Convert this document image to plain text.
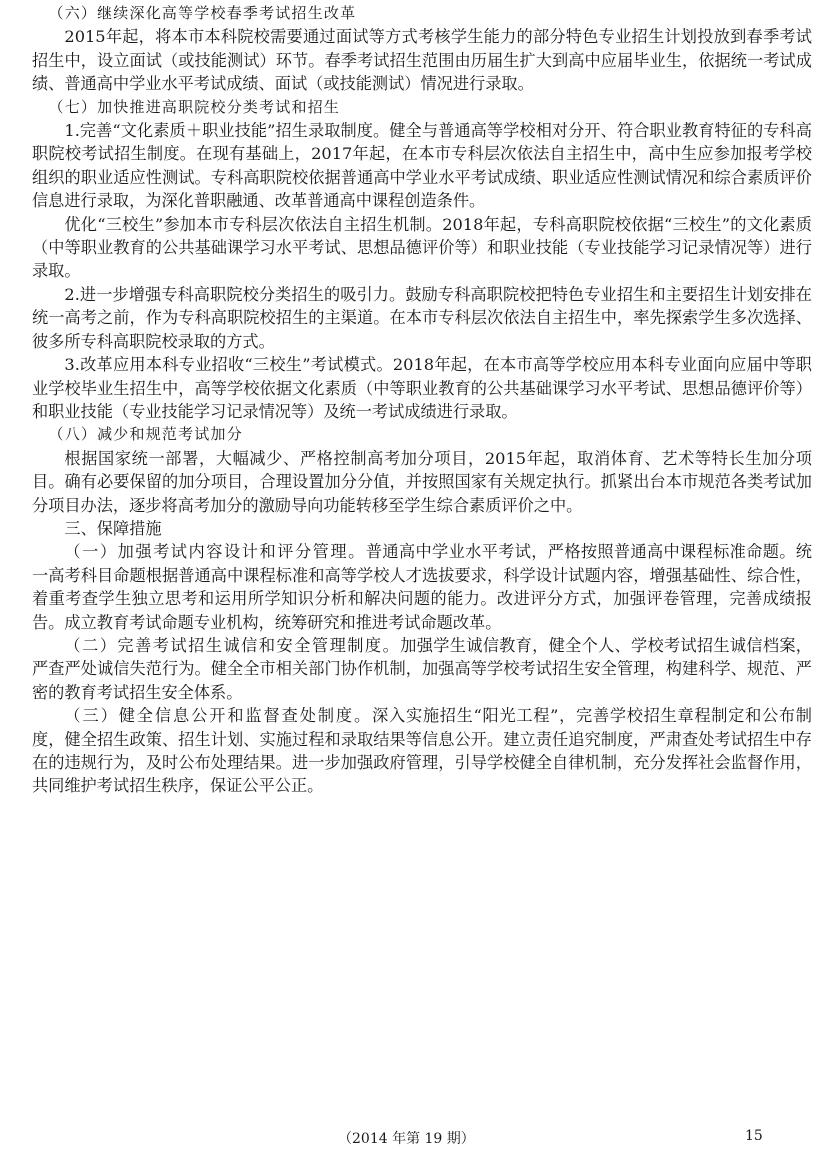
（六）继续深化高等学校春季考试招生改革

2015年起，将本市本科院校需要通过面试等方式考核学生能力的部分特色专业招生计划投放到春季考试招生中，设立面试（或技能测试）环节。春季考试招生范围由历届生扩大到高中应届毕业生，依据统一考试成绩、普通高中学业水平考试成绩、面试（或技能测试）情况进行录取。

（七）加快推进高职院校分类考试和招生

1.完善“文化素质＋职业技能”招生录取制度。健全与普通高等学校相对分开、符合职业教育特征的专科高职院校考试招生制度。在现有基础上，2017年起，在本市专科层次依法自主招生中，高中生应参加报考学校组织的职业适应性测试。专科高职院校依据普通高中学业水平考试成绩、职业适应性测试情况和综合素质评价信息进行录取，为深化普职融通、改革普通高中课程创造条件。

优化“三校生”参加本市专科层次依法自主招生机制。2018年起，专科高职院校依据“三校生”的文化素质（中等职业教育的公共基础课学习水平考试、思想品德评价等）和职业技能（专业技能学习记录情况等）进行录取。

2.进一步增强专科高职院校分类招生的吸引力。鼓励专科高职院校把特色专业招生和主要招生计划安排在统一高考之前，作为专科高职院校招生的主渠道。在本市专科层次依法自主招生中，率先探索学生多次选择、彼多所专科高职院校录取的方式。

3.改革应用本科专业招收“三校生”考试模式。2018年起，在本市高等学校应用本科专业面向应届中等职业学校毕业生招生中，高等学校依据文化素质（中等职业教育的公共基础课学习水平考试、思想品德评价等）和职业技能（专业技能学习记录情况等）及统一考试成绩进行录取。

（八）减少和规范考试加分

根据国家统一部署，大幅减少、严格控制高考加分项目，2015年起，取消体育、艺术等特长生加分项目。确有必要保留的加分项目，合理设置加分分值，并按照国家有关规定执行。抓紧出台本市规范各类考试加分项目办法，逐步将高考加分的激励导向功能转移至学生综合素质评价之中。

三、保障措施

（一）加强考试内容设计和评分管理。普通高中学业水平考试，严格按照普通高中课程标准命题。统一高考科目命题根据普通高中课程标准和高等学校人才选拔要求，科学设计试题内容，增强基础性、综合性，着重考查学生独立思考和运用所学知识分析和解决问题的能力。改进评分方式，加强评卷管理，完善成绩报告。成立教育考试命题专业机构，统筹研究和推进考试命题改革。

（二）完善考试招生诚信和安全管理制度。加强学生诚信教育，健全个人、学校考试招生诚信档案，严查严处诚信失范行为。健全全市相关部门协作机制，加强高等学校考试招生安全管理，构建科学、规范、严密的教育考试招生安全体系。

（三）健全信息公开和监督查处制度。深入实施招生“阳光工程”，完善学校招生章程制定和公布制度，健全招生政策、招生计划、实施过程和录取结果等信息公开。建立责任追究制度，严肃查处考试招生中存在的违规行为，及时公布处理结果。进一步加强政府管理，引导学校健全自律机制，充分发挥社会监督作用，共同维护考试招生秩序，保证公平公正。

（2014 年第 19 期）	15
